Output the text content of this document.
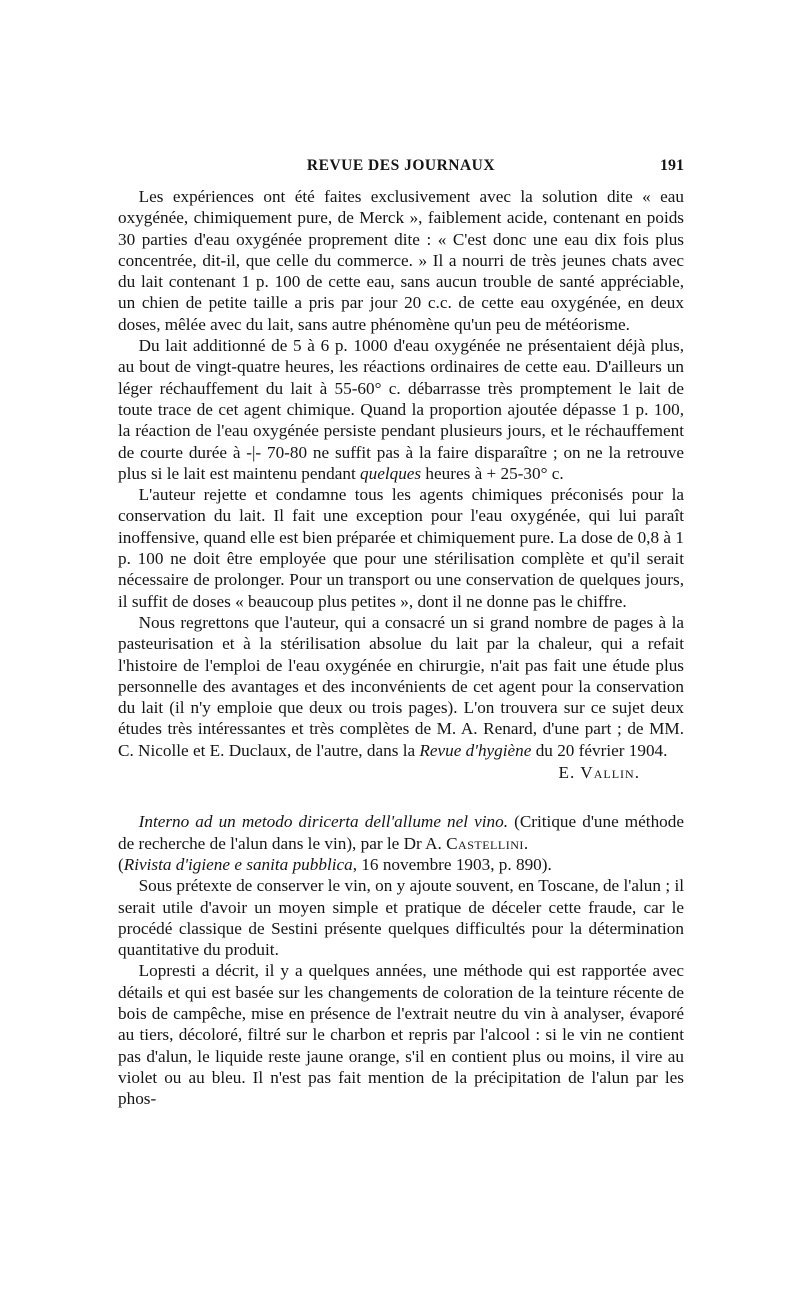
REVUE DES JOURNAUX	191

Les expériences ont été faites exclusivement avec la solution dite « eau oxygénée, chimiquement pure, de Merck », faiblement acide, contenant en poids 30 parties d'eau oxygénée proprement dite : « C'est donc une eau dix fois plus concentrée, dit-il, que celle du commerce. » Il a nourri de très jeunes chats avec du lait contenant 1 p. 100 de cette eau, sans aucun trouble de santé appréciable, un chien de petite taille a pris par jour 20 c.c. de cette eau oxygénée, en deux doses, mêlée avec du lait, sans autre phénomène qu'un peu de météorisme.

Du lait additionné de 5 à 6 p. 1000 d'eau oxygénée ne présentaient déjà plus, au bout de vingt-quatre heures, les réactions ordinaires de cette eau. D'ailleurs un léger réchauffement du lait à 55-60° c. débarrasse très promptement le lait de toute trace de cet agent chimique. Quand la proportion ajoutée dépasse 1 p. 100, la réaction de l'eau oxygénée persiste pendant plusieurs jours, et le réchauffement de courte durée à -|- 70-80 ne suffit pas à la faire disparaître ; on ne la retrouve plus si le lait est maintenu pendant quelques heures à + 25-30° c.

L'auteur rejette et condamne tous les agents chimiques préconisés pour la conservation du lait. Il fait une exception pour l'eau oxygénée, qui lui paraît inoffensive, quand elle est bien préparée et chimiquement pure. La dose de 0,8 à 1 p. 100 ne doit être employée que pour une stérilisation complète et qu'il serait nécessaire de prolonger. Pour un transport ou une conservation de quelques jours, il suffit de doses « beaucoup plus petites », dont il ne donne pas le chiffre.

Nous regrettons que l'auteur, qui a consacré un si grand nombre de pages à la pasteurisation et à la stérilisation absolue du lait par la chaleur, qui a refait l'histoire de l'emploi de l'eau oxygénée en chirurgie, n'ait pas fait une étude plus personnelle des avantages et des inconvénients de cet agent pour la conservation du lait (il n'y emploie que deux ou trois pages). L'on trouvera sur ce sujet deux études très intéressantes et très complètes de M. A. Renard, d'une part ; de MM. C. Nicolle et E. Duclaux, de l'autre, dans la Revue d'hygiène du 20 février 1904.

E. Vallin.

Interno ad un metodo diricerta dell'allume nel vino. (Critique d'une méthode de recherche de l'alun dans le vin), par le Dr A. Castellini.
(Rivista d'igiene e sanita pubblica, 16 novembre 1903, p. 890).

Sous prétexte de conserver le vin, on y ajoute souvent, en Toscane, de l'alun ; il serait utile d'avoir un moyen simple et pratique de déceler cette fraude, car le procédé classique de Sestini présente quelques difficultés pour la détermination quantitative du produit.

Lopresti a décrit, il y a quelques années, une méthode qui est rapportée avec détails et qui est basée sur les changements de coloration de la teinture récente de bois de campêche, mise en présence de l'extrait neutre du vin à analyser, évaporé au tiers, décoloré, filtré sur le charbon et repris par l'alcool : si le vin ne contient pas d'alun, le liquide reste jaune orange, s'il en contient plus ou moins, il vire au violet ou au bleu. Il n'est pas fait mention de la précipitation de l'alun par les phos-
